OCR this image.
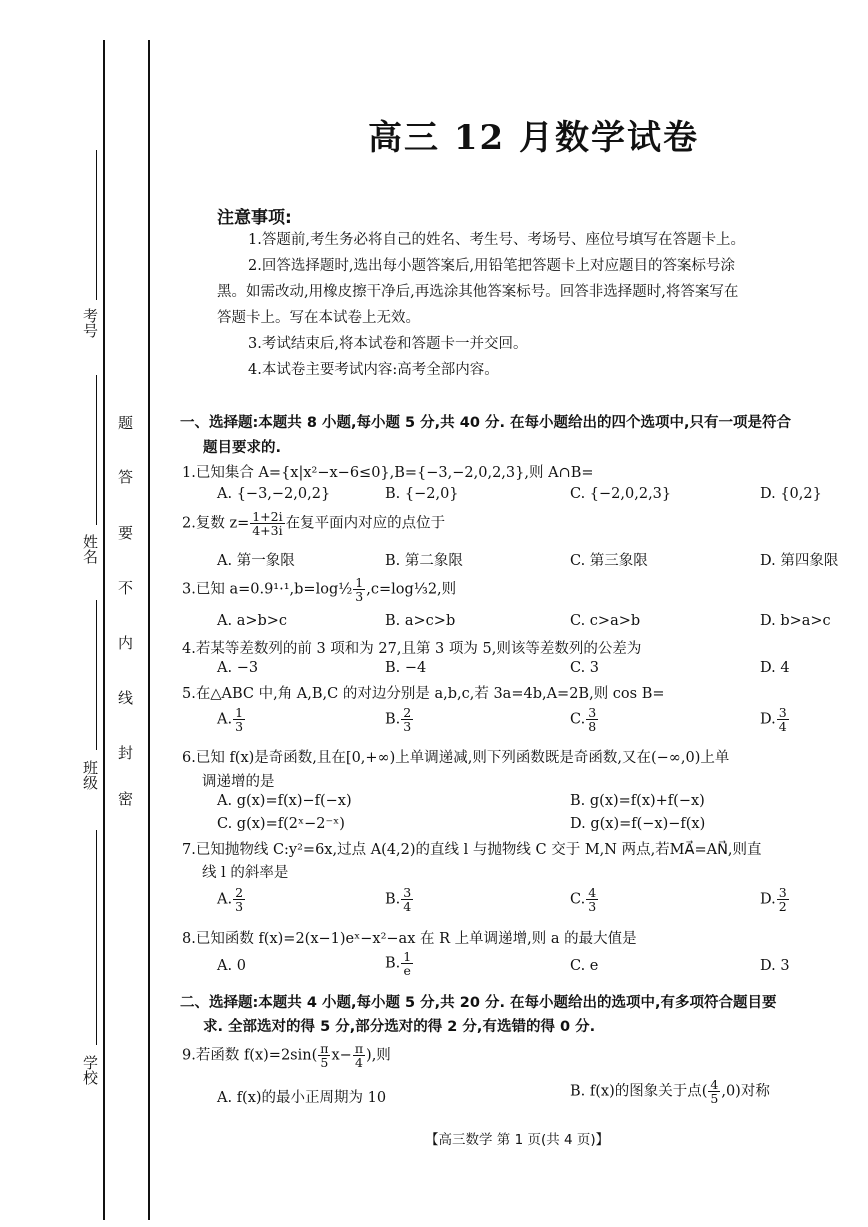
考号
姓名
班级
学校
题
答
要
不
内
线
封
密
高三 12 月数学试卷
注意事项:
1.答题前,考生务必将自己的姓名、考生号、考场号、座位号填写在答题卡上。
2.回答选择题时,选出每小题答案后,用铅笔把答题卡上对应题目的答案标号涂
黑。如需改动,用橡皮擦干净后,再选涂其他答案标号。回答非选择题时,将答案写在
答题卡上。写在本试卷上无效。
3.考试结束后,将本试卷和答题卡一并交回。
4.本试卷主要考试内容:高考全部内容。
一、选择题:本题共 8 小题,每小题 5 分,共 40 分. 在每小题给出的四个选项中,只有一项是符合
题目要求的.
1.已知集合 A={x|x²−x−6≤0},B={−3,−2,0,2,3},则 A∩B=
A. {−3,−2,0,2}	B. {−2,0}	C. {−2,0,2,3}	D. {0,2}
2.复数 $z= \frac{1+2i}{4+3i}$ 在复平面内对应的点位于
A. 第一象限	B. 第二象限	C. 第三象限	D. 第四象限
3.已知 a=0.9¹·¹,b=log½ $\frac{1}{3}$ ,c=log⅓2,则
A. a>b>c	B. a>c>b	C. c>a>b	D. b>a>c
4.若某等差数列的前 3 项和为 27,且第 3 项为 5,则该等差数列的公差为
A. −3	B. −4	C. 3	D. 4
5.在△ABC 中,角 A,B,C 的对边分别是 a,b,c,若 3a=4b,A=2B,则 cos B=
A. $\frac{1}{3}$	B. $\frac{2}{3}$	C. $\frac{3}{8}$	D. $\frac{3}{4}$
6.已知 f(x)是奇函数,且在[0,+∞)上单调递减,则下列函数既是奇函数,又在(−∞,0)上单
调递增的是
A. g(x)=f(x)−f(−x)	B. g(x)=f(x)+f(−x)
C. g(x)=f(2ˣ−2⁻ˣ)	D. g(x)=f(−x)−f(x)
7.已知抛物线 C:y²=6x,过点 A(4,2)的直线 l 与抛物线 C 交于 M,N 两点,若MA⃗=AN⃗,则直
线 l 的斜率是
A. $\frac{2}{3}$	B. $\frac{3}{4}$	C. $\frac{4}{3}$	D. $\frac{3}{2}$
8.已知函数 f(x)=2(x−1)eˣ−x²−ax 在 R 上单调递增,则 a 的最大值是
A. 0	B. $\frac{1}{e}$	C. e	D. 3
二、选择题:本题共 4 小题,每小题 5 分,共 20 分. 在每小题给出的选项中,有多项符合题目要
求. 全部选对的得 5 分,部分选对的得 2 分,有选错的得 0 分.
9.若函数 $f(x)=2\sin( \frac{\pi}{5} x- \frac{\pi}{4}$ ),则
A. f(x)的最小正周期为 10	B. f(x)的图象关于点( $\frac{4}{5} ,0$)对称
【高三数学 第 1 页(共 4 页)】
